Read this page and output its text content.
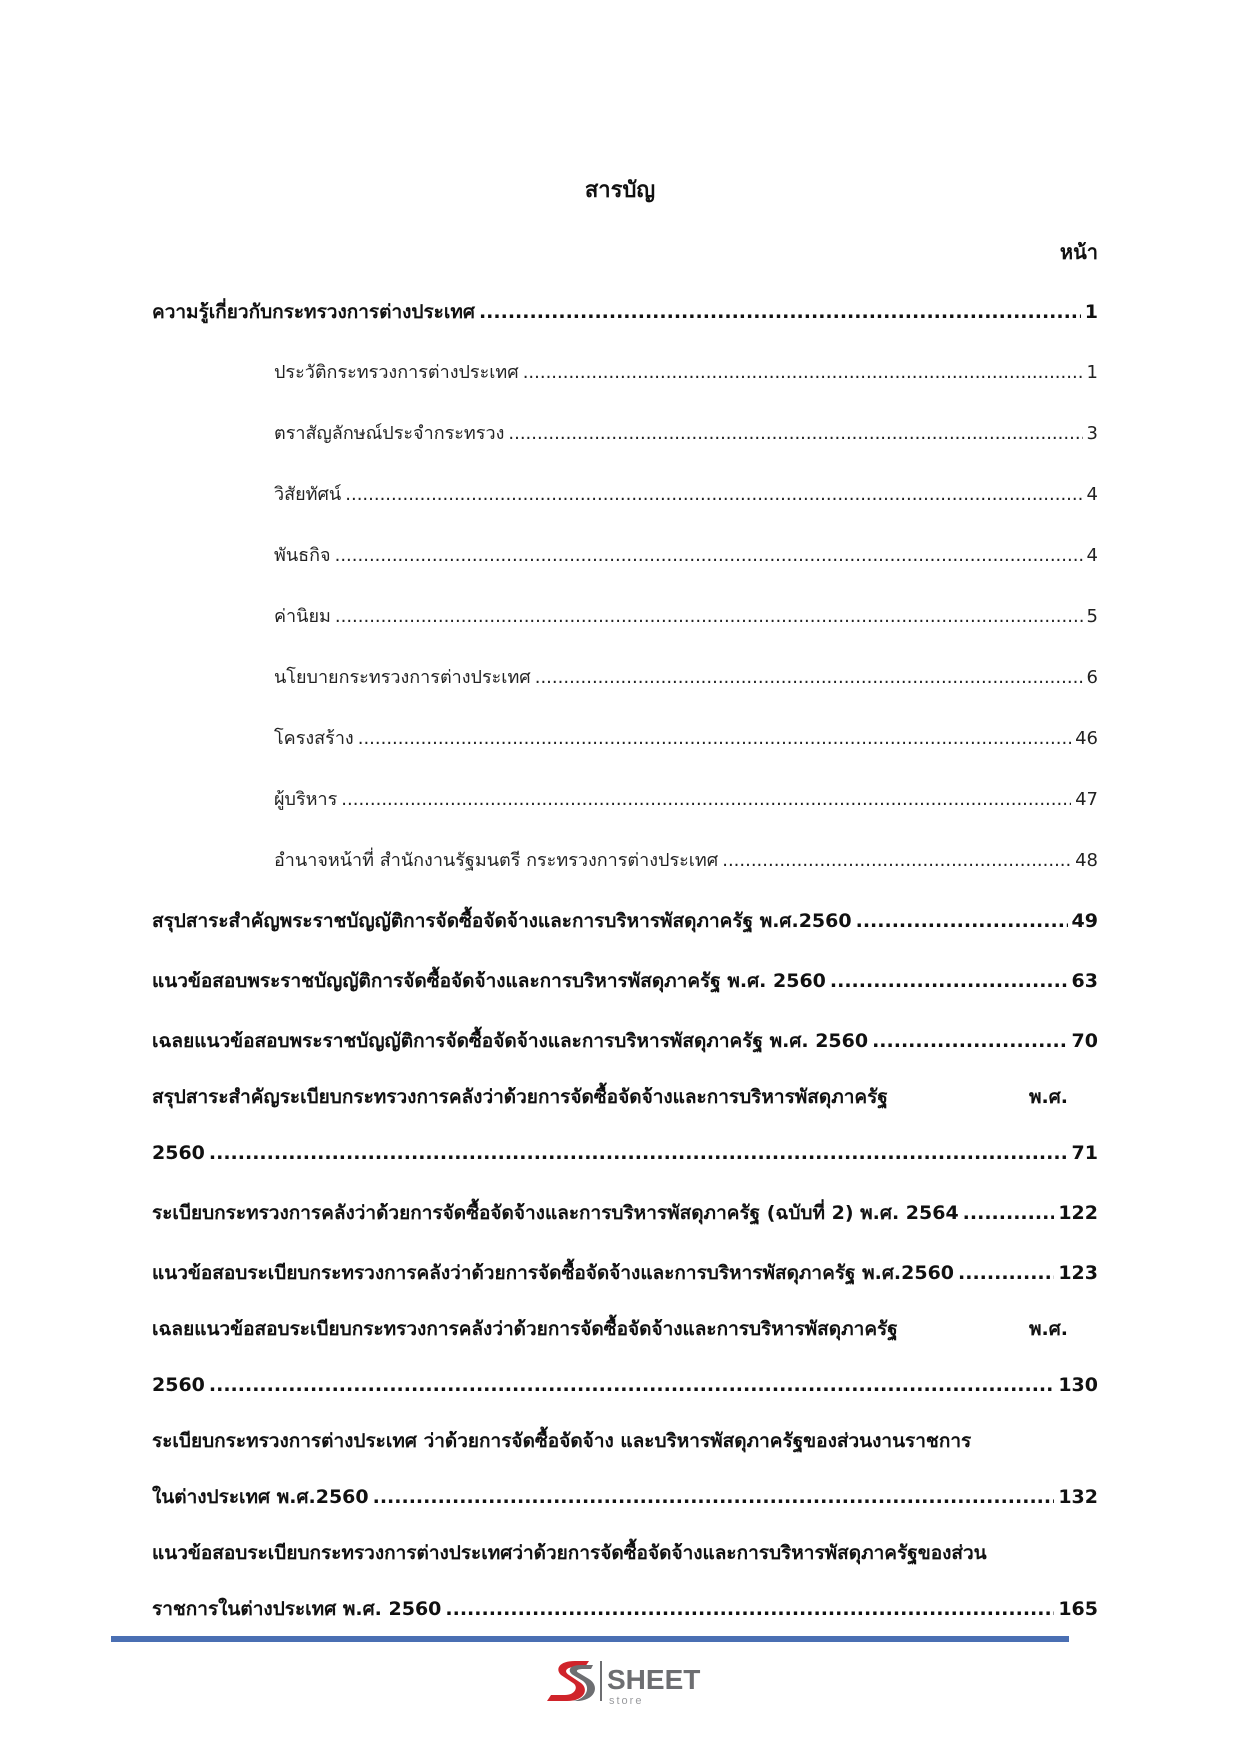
สารบัญ
หน้า
ความรู้เกี่ยวกับกระทรวงการต่างประเทศ .....	1
ประวัติกระทรวงการต่างประเทศ .....	1
ตราสัญลักษณ์ประจำกระทรวง .....	3
วิสัยทัศน์ .....	4
พันธกิจ .....	4
ค่านิยม .....	5
นโยบายกระทรวงการต่างประเทศ .....	6
โครงสร้าง .....	46
ผู้บริหาร .....	47
อำนาจหน้าที่ สำนักงานรัฐมนตรี กระทรวงการต่างประเทศ .....	48
สรุปสาระสำคัญพระราชบัญญัติการจัดซื้อจัดจ้างและการบริหารพัสดุภาครัฐ พ.ศ.2560 .....	49
แนวข้อสอบพระราชบัญญัติการจัดซื้อจัดจ้างและการบริหารพัสดุภาครัฐ พ.ศ. 2560 .....	63
เฉลยแนวข้อสอบพระราชบัญญัติการจัดซื้อจัดจ้างและการบริหารพัสดุภาครัฐ พ.ศ. 2560 .....	70
สรุปสาระสำคัญระเบียบกระทรวงการคลังว่าด้วยการจัดซื้อจัดจ้างและการบริหารพัสดุภาครัฐ	พ.ศ.
2560 .....	71
ระเบียบกระทรวงการคลังว่าด้วยการจัดซื้อจัดจ้างและการบริหารพัสดุภาครัฐ (ฉบับที่ 2) พ.ศ. 2564 .....	122
แนวข้อสอบระเบียบกระทรวงการคลังว่าด้วยการจัดซื้อจัดจ้างและการบริหารพัสดุภาครัฐ พ.ศ.2560 .....	123
เฉลยแนวข้อสอบระเบียบกระทรวงการคลังว่าด้วยการจัดซื้อจัดจ้างและการบริหารพัสดุภาครัฐ	พ.ศ.
2560 .....	130
ระเบียบกระทรวงการต่างประเทศ ว่าด้วยการจัดซื้อจัดจ้าง และบริหารพัสดุภาครัฐของส่วนงานราชการ
ในต่างประเทศ พ.ศ.2560 .....	132
แนวข้อสอบระเบียบกระทรวงการต่างประเทศว่าด้วยการจัดซื้อจัดจ้างและการบริหารพัสดุภาครัฐของส่วน
ราชการในต่างประเทศ พ.ศ. 2560 .....	165
SHEET
store
